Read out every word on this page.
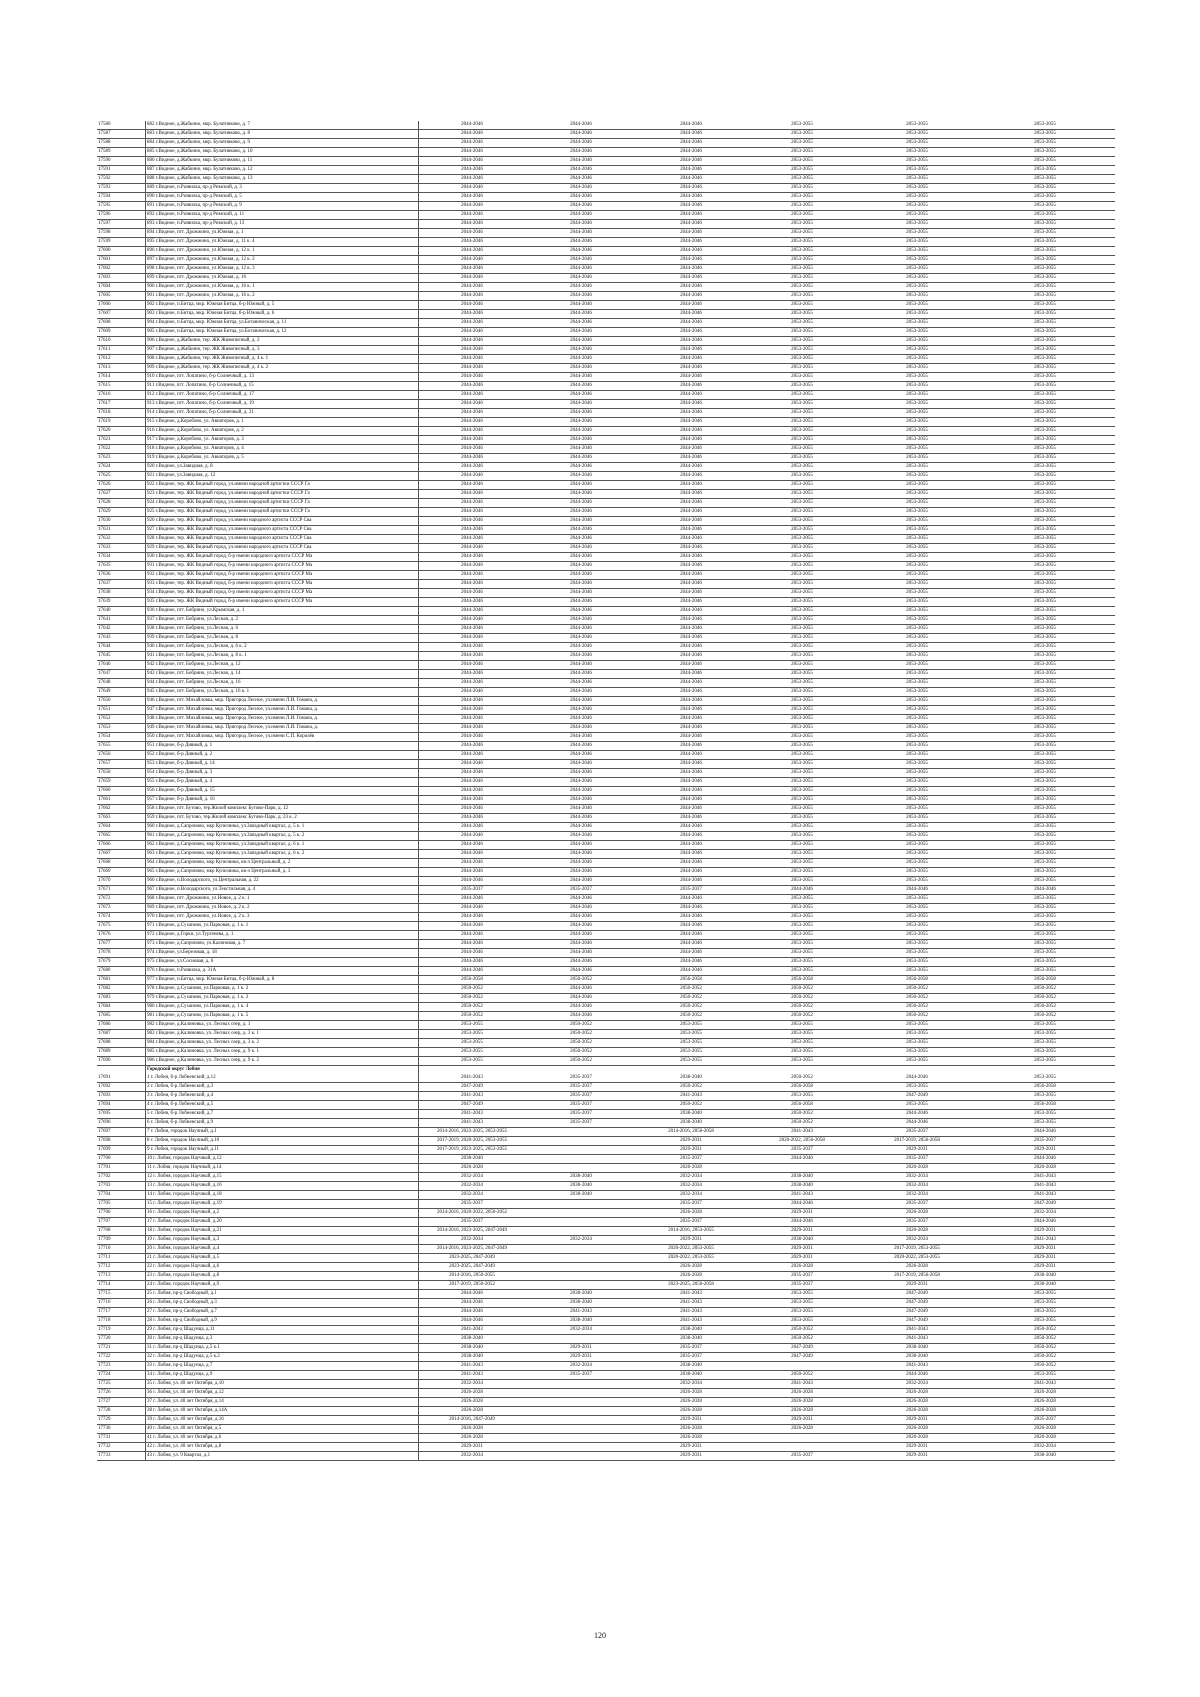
17586	882 г.Видное, д.Жабкино, мкр. Булатниково, д. 7	2044-2046	2044-2046	2044-2046	2053-2055	2053-2055	2053-2055
17587	883 г.Видное, д.Жабкино, мкр. Булатниково, д. 8	2044-2046	2044-2046	2044-2046	2053-2055	2053-2055	2053-2055
17588	884 г.Видное, д.Жабкино, мкр. Булатниково, д. 9	2044-2046	2044-2046	2044-2046	2053-2055	2053-2055	2053-2055
17589	885 г.Видное, д.Жабкино, мкр. Булатниково, д. 10	2044-2046	2044-2046	2044-2046	2053-2055	2053-2055	2053-2055
17590	886 г.Видное, д.Жабкино, мкр. Булатниково, д. 11	2044-2046	2044-2046	2044-2046	2053-2055	2053-2055	2053-2055
17591	887 г.Видное, д.Жабкино, мкр. Булатниково, д. 12	2044-2046	2044-2046	2044-2046	2053-2055	2053-2055	2053-2055
17592	888 г.Видное, д.Жабкино, мкр. Булатниково, д. 13	2044-2046	2044-2046	2044-2046	2053-2055	2053-2055	2053-2055
17593	889 г.Видное, п.Развилка, пр-д Римский, д. 3	2044-2046	2044-2046	2044-2046	2053-2055	2053-2055	2053-2055
17594	890 г.Видное, п.Развилка, пр-д Римский, д. 5	2044-2046	2044-2046	2044-2046	2053-2055	2053-2055	2053-2055
17595	891 г.Видное, п.Развилка, пр-д Римский, д. 9	2044-2046	2044-2046	2044-2046	2053-2055	2053-2055	2053-2055
17596	892 г.Видное, п.Развилка, пр-д Римский, д. 11	2044-2046	2044-2046	2044-2046	2053-2055	2053-2055	2053-2055
17597	893 г.Видное, п.Развилка, пр-д Римский, д. 13	2044-2046	2044-2046	2044-2046	2053-2055	2053-2055	2053-2055
17598	894 г.Видное, пгт. Дрожжино, ул.Южная, д. 1	2044-2046	2044-2046	2044-2046	2053-2055	2053-2055	2053-2055
17599	895 г.Видное, пгт. Дрожжино, ул.Южная, д. 11 к. 4	2044-2046	2044-2046	2044-2046	2053-2055	2053-2055	2053-2055
17600	896 г.Видное, пгт. Дрожжино, ул.Южная, д. 12 к. 1	2044-2046	2044-2046	2044-2046	2053-2055	2053-2055	2053-2055
17601	897 г.Видное, пгт. Дрожжино, ул.Южная, д. 12 к. 2	2044-2046	2044-2046	2044-2046	2053-2055	2053-2055	2053-2055
17602	898 г.Видное, пгт. Дрожжино, ул.Южная, д. 12 к. 3	2044-2046	2044-2046	2044-2046	2053-2055	2053-2055	2053-2055
17603	899 г.Видное, пгт. Дрожжино, ул.Южная, д. 16	2044-2046	2044-2046	2044-2046	2053-2055	2053-2055	2053-2055
17604	900 г.Видное, пгт. Дрожжино, ул.Южная, д. 16 к. 1	2044-2046	2044-2046	2044-2046	2053-2055	2053-2055	2053-2055
17605	901 г.Видное, пгт. Дрожжино, ул.Южная, д. 16 к. 2	2044-2046	2044-2046	2044-2046	2053-2055	2053-2055	2053-2055
17606	902 г.Видное, п.Битца, мкр. Южная Битца, б-р Южный, д. 5	2044-2046	2044-2046	2044-2046	2053-2055	2053-2055	2053-2055
17607	903 г.Видное, п.Битца, мкр. Южная Битца, б-р Южный, д. 6	2044-2046	2044-2046	2044-2046	2053-2055	2053-2055	2053-2055
17608	904 г.Видное, п.Битца, мкр. Южная Битца, ул.Ботаническая, д. 11	2044-2046	2044-2046	2044-2046	2053-2055	2053-2055	2053-2055
17609	905 г.Видное, п.Битца, мкр. Южная Битца, ул.Ботаническая, д. 12	2044-2046	2044-2046	2044-2046	2053-2055	2053-2055	2053-2055
17610	906 г.Видное, д.Жабкино, тер. ЖК Живописный, д. 2	2044-2046	2044-2046	2044-2046	2053-2055	2053-2055	2053-2055
17611	907 г.Видное, д.Жабкино, тер. ЖК Живописный, д. 3	2044-2046	2044-2046	2044-2046	2053-2055	2053-2055	2053-2055
17612	908 г.Видное, д.Жабкино, тер. ЖК Живописный, д. 4 к. 1	2044-2046	2044-2046	2044-2046	2053-2055	2053-2055	2053-2055
17613	909 г.Видное, д.Жабкино, тер. ЖК Живописный, д. 4 к. 2	2044-2046	2044-2046	2044-2046	2053-2055	2053-2055	2053-2055
17614	910 г.Видное, пгт. Лопатино, б-р Солнечный, д. 13	2044-2046	2044-2046	2044-2046	2053-2055	2053-2055	2053-2055
17615	911 г.Видное, пгт. Лопатино, б-р Солнечный, д. 15	2044-2046	2044-2046	2044-2046	2053-2055	2053-2055	2053-2055
17616	912 г.Видное, пгт. Лопатино, б-р Солнечный, д. 17	2044-2046	2044-2046	2044-2046	2053-2055	2053-2055	2053-2055
17617	913 г.Видное, пгт. Лопатино, б-р Солнечный, д. 19	2044-2046	2044-2046	2044-2046	2053-2055	2053-2055	2053-2055
17618	914 г.Видное, пгт. Лопатино, б-р Солнечный, д. 21	2044-2046	2044-2046	2044-2046	2053-2055	2053-2055	2053-2055
17619	915 г.Видное, д.Коробово, ул. Авиаторов, д. 1	2044-2046	2044-2046	2044-2046	2053-2055	2053-2055	2053-2055
17620	916 г.Видное, д.Коробово, ул. Авиаторов, д. 2	2044-2046	2044-2046	2044-2046	2053-2055	2053-2055	2053-2055
17621	917 г.Видное, д.Коробово, ул. Авиаторов, д. 3	2044-2046	2044-2046	2044-2046	2053-2055	2053-2055	2053-2055
17622	918 г.Видное, д.Коробово, ул. Авиаторов, д. 4	2044-2046	2044-2046	2044-2046	2053-2055	2053-2055	2053-2055
17623	919 г.Видное, д.Коробово, ул. Авиаторов, д. 5	2044-2046	2044-2046	2044-2046	2053-2055	2053-2055	2053-2055
17624	920 г.Видное, ул.Завидная, д. 8	2044-2046	2044-2046	2044-2046	2053-2055	2053-2055	2053-2055
17625	921 г.Видное, ул.Завидная, д. 12	2044-2046	2044-2046	2044-2046	2053-2055	2053-2055	2053-2055
17626	922 г.Видное, тер. ЖК Видный город, ул.имени народной артистки СССР Га	2044-2046	2044-2046	2044-2046	2053-2055	2053-2055	2053-2055
17627	923 г.Видное, тер. ЖК Видный город, ул.имени народной артистки СССР Га	2044-2046	2044-2046	2044-2046	2053-2055	2053-2055	2053-2055
17628	924 г.Видное, тер. ЖК Видный город, ул.имени народной артистки СССР Га	2044-2046	2044-2046	2044-2046	2053-2055	2053-2055	2053-2055
17629	925 г.Видное, тер. ЖК Видный город, ул.имени народной артистки СССР Га	2044-2046	2044-2046	2044-2046	2053-2055	2053-2055	2053-2055
17630	926 г.Видное, тер. ЖК Видный город, ул.имени народного артиста СССР Сва	2044-2046	2044-2046	2044-2046	2053-2055	2053-2055	2053-2055
17631	927 г.Видное, тер. ЖК Видный город, ул.имени народного артиста СССР Сва	2044-2046	2044-2046	2044-2046	2053-2055	2053-2055	2053-2055
17632	928 г.Видное, тер. ЖК Видный город, ул.имени народного артиста СССР Сва	2044-2046	2044-2046	2044-2046	2053-2055	2053-2055	2053-2055
17633	929 г.Видное, тер. ЖК Видный город, ул.имени народного артиста СССР Сва	2044-2046	2044-2046	2044-2046	2053-2055	2053-2055	2053-2055
17634	930 г.Видное, тер. ЖК Видный город, б-р имени народного артиста СССР Ма	2044-2046	2044-2046	2044-2046	2053-2055	2053-2055	2053-2055
17635	931 г.Видное, тер. ЖК Видный город, б-р имени народного артиста СССР Ма	2044-2046	2044-2046	2044-2046	2053-2055	2053-2055	2053-2055
17636	932 г.Видное, тер. ЖК Видный город, б-р имени народного артиста СССР Ма	2044-2046	2044-2046	2044-2046	2053-2055	2053-2055	2053-2055
17637	933 г.Видное, тер. ЖК Видный город, б-р имени народного артиста СССР Ма	2044-2046	2044-2046	2044-2046	2053-2055	2053-2055	2053-2055
17638	934 г.Видное, тер. ЖК Видный город, б-р имени народного артиста СССР Ма	2044-2046	2044-2046	2044-2046	2053-2055	2053-2055	2053-2055
17639	935 г.Видное, тер. ЖК Видный город, б-р имени народного артиста СССР Ма	2044-2046	2044-2046	2044-2046	2053-2055	2053-2055	2053-2055
17640	936 г.Видное, пгт. Бобрино, ул.Крымская, д. 1	2044-2046	2044-2046	2044-2046	2053-2055	2053-2055	2053-2055
17641	937 г.Видное, пгт. Бобрино, ул.Лесная, д. 2	2044-2046	2044-2046	2044-2046	2053-2055	2053-2055	2053-2055
17642	938 г.Видное, пгт. Бобрино, ул.Лесная, д. 6	2044-2046	2044-2046	2044-2046	2053-2055	2053-2055	2053-2055
17643	939 г.Видное, пгт. Бобрино, ул.Лесная, д. 8	2044-2046	2044-2046	2044-2046	2053-2055	2053-2055	2053-2055
17644	940 г.Видное, пгт. Бобрино, ул.Лесная, д. 6 к. 2	2044-2046	2044-2046	2044-2046	2053-2055	2053-2055	2053-2055
17645	941 г.Видное, пгт. Бобрино, ул.Лесная, д. 8 к. 1	2044-2046	2044-2046	2044-2046	2053-2055	2053-2055	2053-2055
17646	942 г.Видное, пгт. Бобрино, ул.Лесная, д. 12	2044-2046	2044-2046	2044-2046	2053-2055	2053-2055	2053-2055
17647	943 г.Видное, пгт. Бобрино, ул.Лесная, д. 14	2044-2046	2044-2046	2044-2046	2053-2055	2053-2055	2053-2055
17648	944 г.Видное, пгт. Бобрино, ул.Лесная, д. 16	2044-2046	2044-2046	2044-2046	2053-2055	2053-2055	2053-2055
17649	945 г.Видное, пгт. Бобрино, ул.Лесная, д. 16 к. 1	2044-2046	2044-2046	2044-2046	2053-2055	2053-2055	2053-2055
17650	946 г.Видное, пгт. Михайловка, мкр. Пригород Лесное, ул.имени Л.И. Гомана, д.	2044-2046	2044-2046	2044-2046	2053-2055	2053-2055	2053-2055
17651	947 г.Видное, пгт. Михайловка, мкр. Пригород Лесное, ул.имени Л.И. Гомана, д.	2044-2046	2044-2046	2044-2046	2053-2055	2053-2055	2053-2055
17652	948 г.Видное, пгт. Михайловка, мкр. Пригород Лесное, ул.имени Л.И. Гомана, д.	2044-2046	2044-2046	2044-2046	2053-2055	2053-2055	2053-2055
17653	949 г.Видное, пгт. Михайловка, мкр. Пригород Лесное, ул.имени Л.И. Гомана, д.	2044-2046	2044-2046	2044-2046	2053-2055	2053-2055	2053-2055
17654	950 г.Видное, пгт. Михайловка, мкр. Пригород Лесное, ул.имени С.П. Королёв	2044-2046	2044-2046	2044-2046	2053-2055	2053-2055	2053-2055
17655	951 г.Видное, б-р Дивный, д. 1	2044-2046	2044-2046	2044-2046	2053-2055	2053-2055	2053-2055
17656	952 г.Видное, б-р Дивный, д. 2	2044-2046	2044-2046	2044-2046	2053-2055	2053-2055	2053-2055
17657	953 г.Видное, б-р Дивный, д. 14	2044-2046	2044-2046	2044-2046	2053-2055	2053-2055	2053-2055
17658	954 г.Видное, б-р Дивный, д. 3	2044-2046	2044-2046	2044-2046	2053-2055	2053-2055	2053-2055
17659	955 г.Видное, б-р Дивный, д. 4	2044-2046	2044-2046	2044-2046	2053-2055	2053-2055	2053-2055
17660	956 г.Видное, б-р Дивный, д. 15	2044-2046	2044-2046	2044-2046	2053-2055	2053-2055	2053-2055
17661	957 г.Видное, б-р Дивный, д. 16	2044-2046	2044-2046	2044-2046	2053-2055	2053-2055	2053-2055
17662	958 г.Видное, пгт. Бутово, тер.Жилой комплекс Бутово-Парк, д. 12	2044-2046	2044-2046	2044-2046	2053-2055	2053-2055	2053-2055
17663	959 г.Видное, пгт. Бутово, тер.Жилой комплекс Бутово-Парк, д. 23 к. 2	2044-2046	2044-2046	2044-2046	2053-2055	2053-2055	2053-2055
17664	960 г.Видное, д.Сапроново, мкр Купелинка, ул.Западный квартал, д. 5 к. 1	2044-2046	2044-2046	2044-2046	2053-2055	2053-2055	2053-2055
17665	961 г.Видное, д.Сапроново, мкр Купелинка, ул.Западный квартал, д. 5 к. 2	2044-2046	2044-2046	2044-2046	2053-2055	2053-2055	2053-2055
17666	962 г.Видное, д.Сапроново, мкр Купелинка, ул.Западный квартал, д. 6 к. 1	2044-2046	2044-2046	2044-2046	2053-2055	2053-2055	2053-2055
17667	963 г.Видное, д.Сапроново, мкр Купелинка, ул.Западный квартал, д. 6 к. 2	2044-2046	2044-2046	2044-2046	2053-2055	2053-2055	2053-2055
17668	964 г.Видное, д.Сапроново, мкр Купелинка, кв-л Центральный, д. 2	2044-2046	2044-2046	2044-2046	2053-2055	2053-2055	2053-2055
17669	965 г.Видное, д.Сапроново, мкр Купелинка, кв-л Центральный, д. 3	2044-2046	2044-2046	2044-2046	2053-2055	2053-2055	2053-2055
17670	966 г.Видное, п.Володарского, ул.Центральная, д. 22	2044-2046	2044-2046	2044-2046	2053-2055	2053-2055	2053-2055
17671	967 г.Видное, п.Володарского, ул.Текстильная, д. 4	2035-2037	2035-2037	2035-2037	2044-2046	2044-2046	2044-2046
17672	968 г.Видное, пгт. Дрожжино, ул.Новое, д. 2 к. 1	2044-2046	2044-2046	2044-2046	2053-2055	2053-2055	2053-2055
17673	969 г.Видное, пгт. Дрожжино, ул.Новое, д. 2 к. 2	2044-2046	2044-2046	2044-2046	2053-2055	2053-2055	2053-2055
17674	970 г.Видное, пгт. Дрожжино, ул.Новое, д. 2 к. 3	2044-2046	2044-2046	2044-2046	2053-2055	2053-2055	2053-2055
17675	971 г.Видное, д.Суханово, ул.Парковая, д. 1 к. 1	2044-2046	2044-2046	2044-2046	2053-2055	2053-2055	2053-2055
17676	972 г.Видное, д.Горки, ул.Тургенева, д. 1	2044-2046	2044-2046	2044-2046	2053-2055	2053-2055	2053-2055
17677	973 г.Видное, д.Сапроново, ул.Калиновая, д. 7	2044-2046	2044-2046	2044-2046	2053-2055	2053-2055	2053-2055
17678	974 г.Видное, ул.Березовая, д. 18	2044-2046	2044-2046	2044-2046	2053-2055	2053-2055	2053-2055
17679	975 г.Видное, ул.Сосновая, д. 6	2044-2046	2044-2046	2044-2046	2053-2055	2053-2055	2053-2055
17680	976 г.Видное, п.Развилка, д. 31А	2044-2046	2044-2046	2044-2046	2053-2055	2053-2055	2053-2055
17681	977 г.Видное, п.Битца, мкр. Южная Битца, б-р Южный, д. 8	2056-2058	2050-2052	2056-2058	2056-2058	2056-2058	2056-2058
17682	978 г.Видное, д.Суханово, ул.Парковая, д. 1 к. 2	2050-2052	2044-2046	2050-2052	2050-2052	2050-2052	2050-2052
17683	979 г.Видное, д.Суханово, ул.Парковая, д. 1 к. 3	2050-2052	2044-2046	2050-2052	2050-2052	2050-2052	2050-2052
17684	980 г.Видное, д.Суханово, ул.Парковая, д. 1 к. 4	2050-2052	2044-2046	2050-2052	2050-2052	2050-2052	2050-2052
17685	981 г.Видное, д.Суханово, ул.Парковая, д. 1 к. 5	2050-2052	2044-2046	2050-2052	2050-2052	2050-2052	2050-2052
17686	982 г.Видное, д.Калиновка, ул. Лесных озер, д. 1	2053-2055	2050-2052	2053-2055	2053-2055	2053-2055	2053-2055
17687	983 г.Видное, д.Калиновка, ул. Лесных озер, д. 3 к. 1	2053-2055	2050-2052	2053-2055	2053-2055	2053-2055	2053-2055
17688	984 г.Видное, д.Калиновка, ул. Лесных озер, д. 3 к. 2	2053-2055	2050-2052	2053-2055	2053-2055	2053-2055	2053-2055
17689	985 г.Видное, д.Калиновка, ул. Лесных озер, д. 9 к. 1	2053-2055	2050-2052	2053-2055	2053-2055	2053-2055	2053-2055
17690	986 г.Видное, д.Калиновка, ул. Лесных озер, д. 9 к. 2	2053-2055	2050-2052	2053-2055	2053-2055	2053-2055	2053-2055
	Городской округ Лобня						
17691	1 г. Лобня, б-р Лобненский, д.12	2041-2043	2035-2037	2038-2040	2050-2052	2044-2046	2053-2055
17692	2 г. Лобня, б-р Лобненский, д.3	2047-2049	2035-2037	2050-2052	2056-2058	2053-2055	2056-2058
17693	3 г. Лобня, б-р Лобненский, д.4	2041-2043	2035-2037	2041-2043	2053-2055	2047-2049	2053-2055
17694	4 г. Лобня, б-р Лобненский, д.5	2047-2049	2035-2037	2050-2052	2056-2058	2053-2055	2056-2058
17695	5 г. Лобня, б-р Лобненский, д.7	2041-2043	2035-2037	2038-2040	2050-2052	2044-2046	2053-2055
17696	6 г. Лобня, б-р Лобненский, д.9	2041-2043	2035-2037	2038-2040	2050-2052	2044-2046	2053-2055
17697	7 г. Лобня, городок Научный, д.1	2014-2016, 2023-2025, 2053-2055		2014-2016, 2056-2058	2041-2043	2035-2037	2044-2046
17698	8 г. Лобня, городок Научный, д.10	2017-2019, 2020-2025, 2053-2055		2029-2031	2020-2022, 2056-2058	2017-2019, 2056-2058	2035-2037
17699	9 г. Лобня, городок Научный, д.11	2017-2019, 2023-2025, 2053-2055		2029-2031	2035-2037	2029-2031	2029-2031
17700	10 г. Лобня, городок Научный, д.12	2038-2040		2035-2037	2044-2046	2035-2037	2044-2046
17701	11 г. Лобня, городок Научный, д.14	2026-2028		2026-2028		2026-2028	2026-2028
17702	12 г. Лобня, городок Научный, д.15	2032-2034	2038-2040	2032-2034	2038-2040	2032-2034	2041-2043
17703	13 г. Лобня, городок Научный, д.16	2032-2034	2038-2040	2032-2034	2038-2040	2032-2034	2041-2043
17704	14 г. Лобня, городок Научный, д.18	2032-2034	2038-2040	2032-2034	2041-2043	2032-2034	2041-2043
17705	15 г. Лобня, городок Научный, д.19	2035-2037		2035-2037	2044-2046	2035-2037	2047-2049
17706	16 г. Лобня, городок Научный, д.2	2014-2016, 2020-2022, 2050-2052		2026-2028	2029-2031	2026-2028	2032-2034
17707	17 г. Лобня, городок Научный, д.20	2035-2037		2035-2037	2044-2046	2035-2037	2044-2046
17708	18 г. Лобня, городок Научный, д.21	2014-2016, 2023-2025, 2047-2049		2014-2016, 2053-2055	2029-2031	2026-2028	2029-2031
17709	19 г. Лобня, городок Научный, д.3	2032-2034	2032-2034	2029-2031	2038-2040	2032-2034	2041-2043
17710	20 г. Лобня, городок Научный, д.4	2014-2016, 2023-2025, 2047-2049		2020-2022, 2053-2055	2029-2031	2017-2019, 2053-2055	2029-2031
17711	21 г. Лобня, городок Научный, д.5	2023-2025, 2047-2049		2020-2022, 2053-2055	2029-2031	2020-2022, 2053-2055	2029-2031
17712	22 г. Лобня, городок Научный, д.6	2023-2025, 2047-2049		2026-2028	2026-2028	2026-2028	2029-2031
17713	23 г. Лобня, городок Научный, д.8	2014-2016, 2050-2055		2026-2028	2035-2037	2017-2019, 2056-2058	2038-2040
17714	24 г. Лобня, городок Научный, д.9	2017-2019, 2050-2052		2023-2025, 2056-2058	2035-2037	2029-2031	2038-2040
17715	25 г. Лобня, пр-д Свободный, д.1	2044-2046	2038-2040	2041-2043	2053-2055	2047-2049	2053-2055
17716	26 г. Лобня, пр-д Свободный, д.3	2044-2046	2038-2040	2041-2043	2053-2055	2047-2049	2053-2055
17717	27 г. Лобня, пр-д Свободный, д.7	2044-2046	2041-2043	2041-2043	2053-2055	2047-2049	2053-2055
17718	28 г. Лобня, пр-д Свободный, д.9	2044-2046	2038-2040	2041-2043	2053-2055	2047-2049	2053-2055
17719	29 г. Лобня, пр-д Шадунца, д.11	2041-2043	2032-2034	2038-2040	2050-2052	2041-2043	2050-2052
17720	30 г. Лобня, пр-д Шадунца, д.3	2038-2040		2038-2040	2050-2052	2041-2043	2050-2052
17721	31 г. Лобня, пр-д Шадунца, д.5 к.1	2038-2040	2029-2031	2035-2037	2047-2049	2038-2040	2050-2052
17722	32 г. Лобня, пр-д Шадунца, д.5 к.2	2038-2040	2029-2031	2035-2037	2047-2049	2038-2040	2050-2052
17723	33 г. Лобня, пр-д Шадунца, д.7	2041-2043	2032-2034	2038-2040		2041-2043	2050-2052
17724	34 г. Лобня, пр-д Шадунца, д.9	2041-2043	2035-2037	2038-2040	2050-2052	2044-2046	2053-2055
17725	35 г. Лобня, ул. 40 лет Октября, д.10	2032-2034		2032-2034	2041-2043	2032-2034	2041-2043
17726	36 г. Лобня, ул. 40 лет Октября, д.12	2026-2028		2026-2028	2026-2028	2026-2028	2026-2028
17727	37 г. Лобня, ул. 40 лет Октября, д.14	2026-2028		2026-2028	2026-2028	2026-2028	2026-2028
17728	38 г. Лобня, ул. 40 лет Октября, д.14А	2026-2028		2026-2028	2026-2028	2026-2028	2026-2028
17729	39 г. Лобня, ул. 40 лет Октября, д.16	2014-2016, 2047-2049		2029-2031	2029-2031	2029-2031	2035-2037
17730	40 г. Лобня, ул. 40 лет Октября, д.5	2026-2028		2026-2028	2026-2028	2026-2028	2026-2028
17731	41 г. Лобня, ул. 40 лет Октября, д.6	2026-2028		2026-2028		2026-2028	2026-2028
17732	42 г. Лобня, ул. 40 лет Октября, д.8	2029-2031		2029-2031		2029-2031	2032-2034
17733	43 г. Лобня, ул. 9 Квартал, д.1	2032-2034		2029-2031	2035-2037	2029-2031	2038-2040
120
